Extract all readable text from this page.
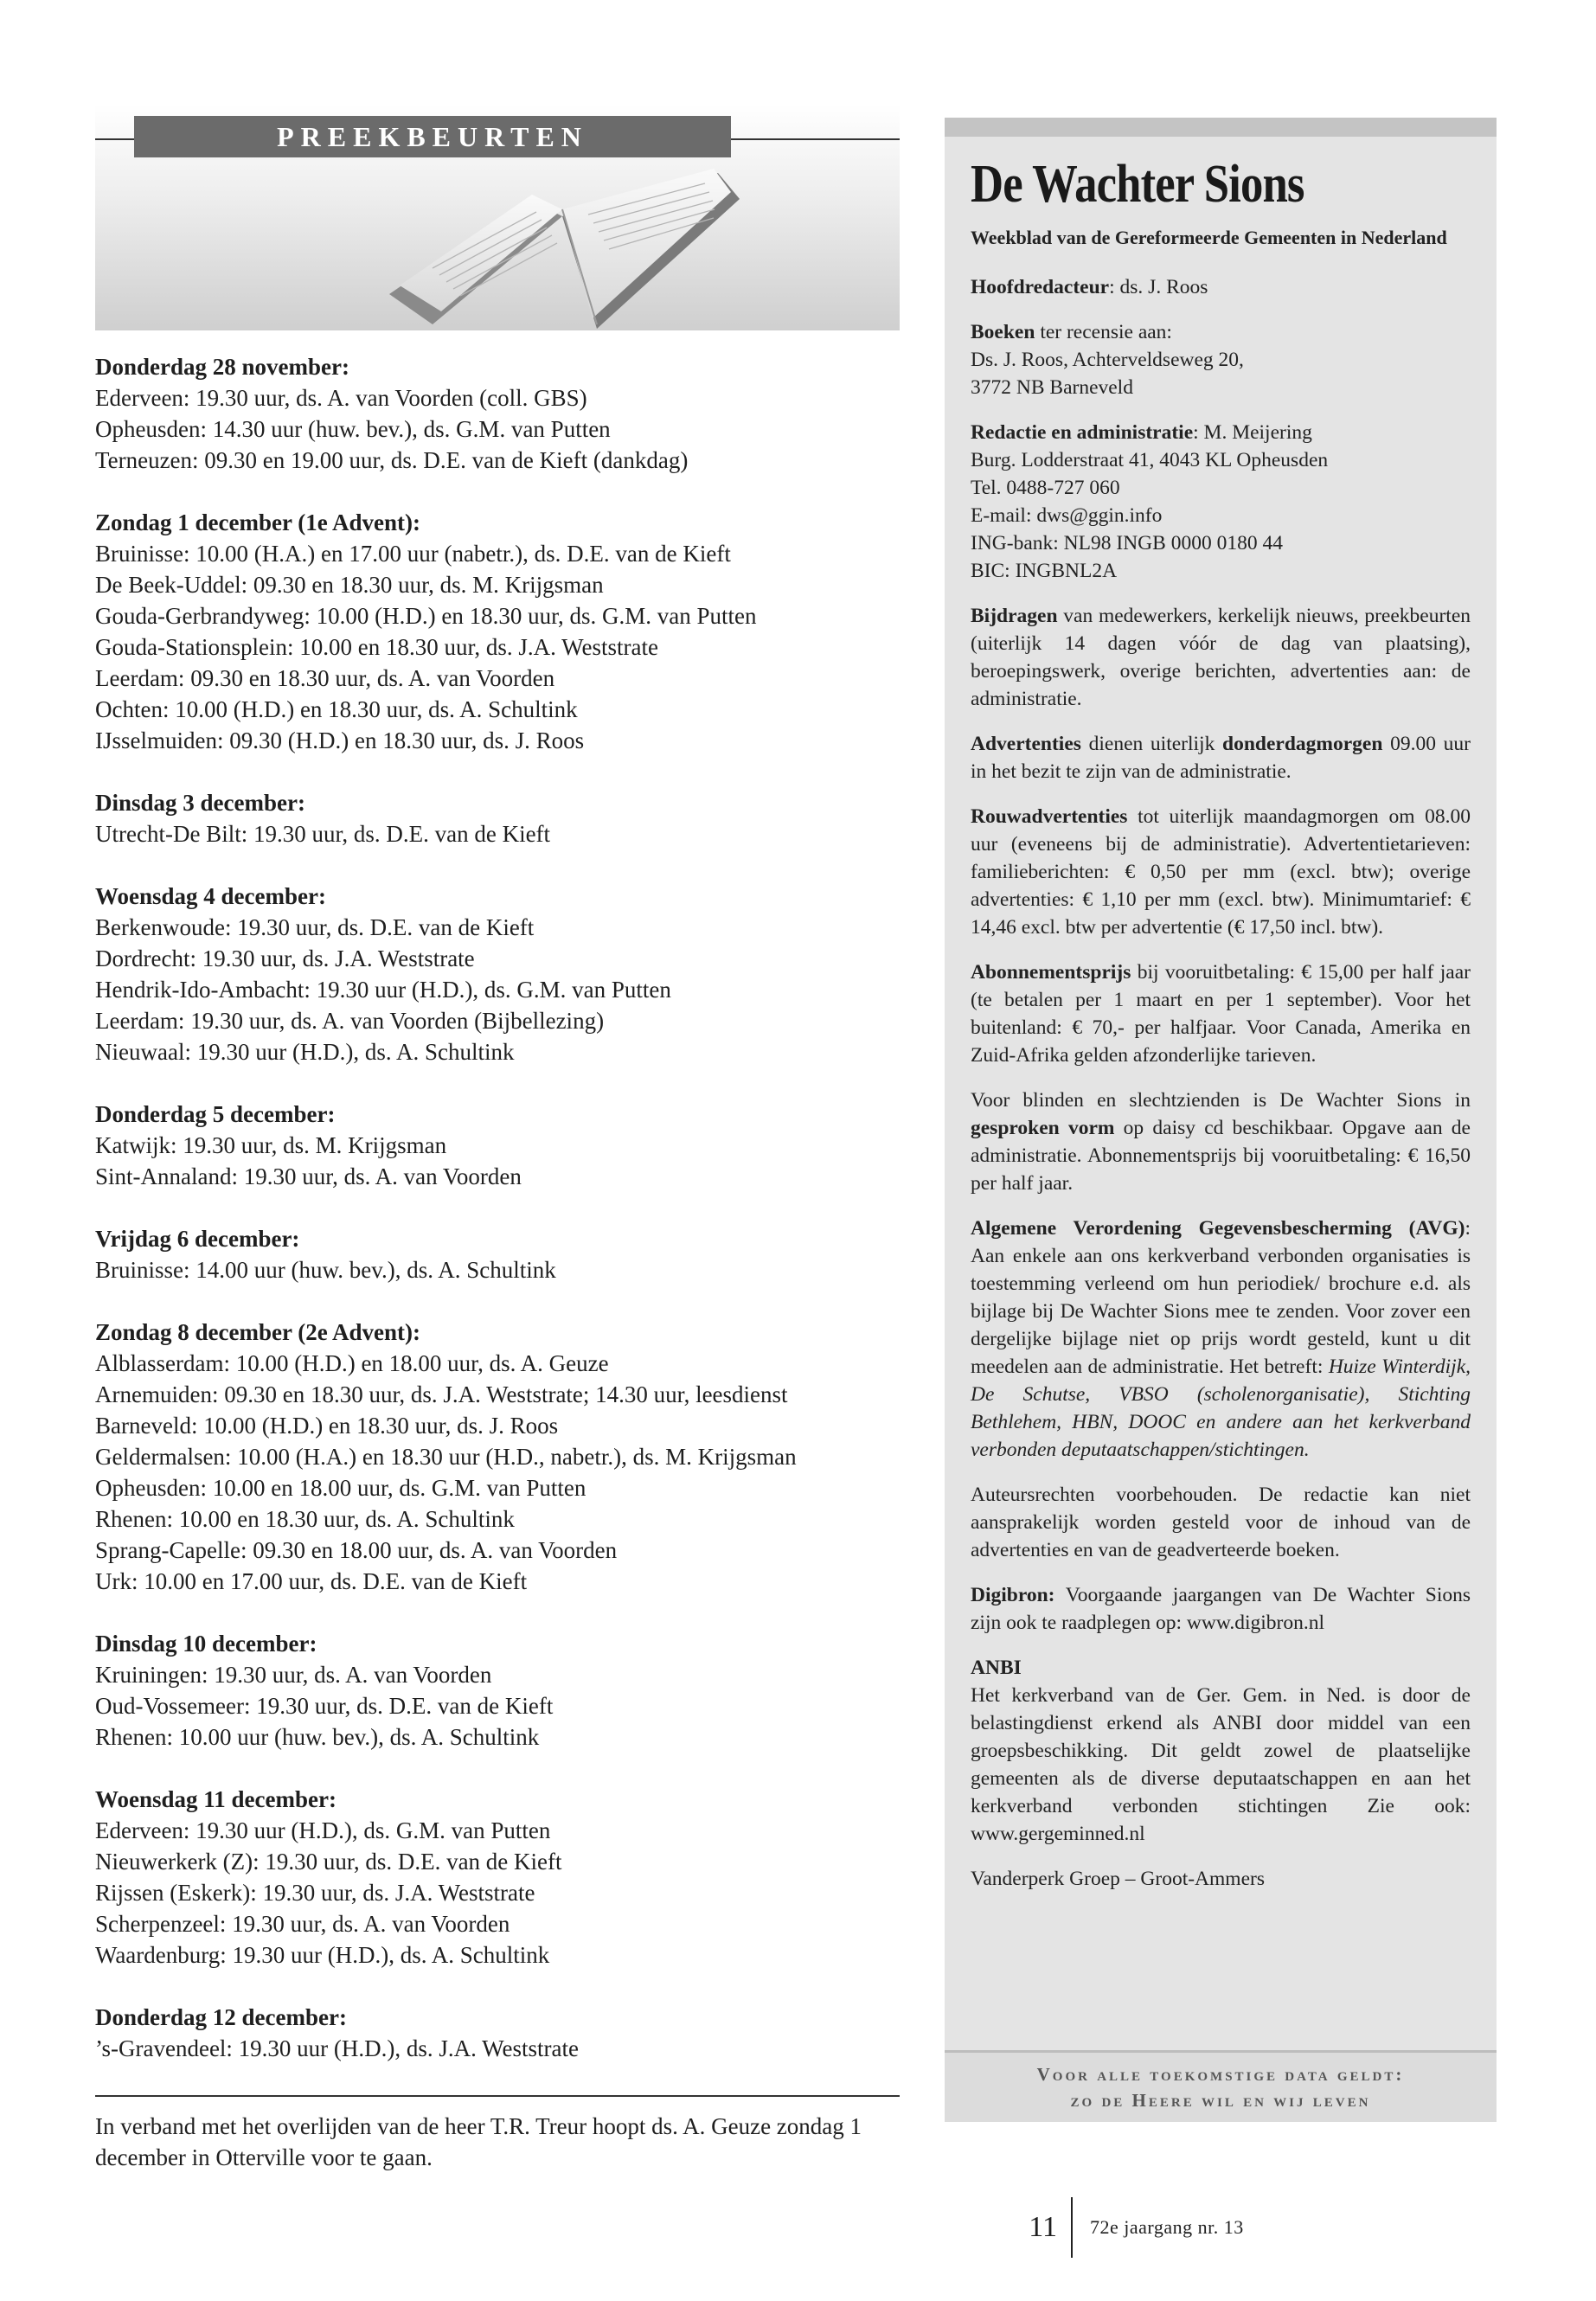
PREEKBEURTEN
Donderdag 28 november:
Ederveen: 19.30 uur, ds. A. van Voorden (coll. GBS)
Opheusden: 14.30 uur (huw. bev.), ds. G.M. van Putten
Terneuzen: 09.30 en 19.00 uur, ds. D.E. van de Kieft (dankdag)
Zondag 1 december (1e Advent):
Bruinisse: 10.00 (H.A.) en 17.00 uur (nabetr.), ds. D.E. van de Kieft
De Beek-Uddel: 09.30 en 18.30 uur, ds. M. Krijgsman
Gouda-Gerbrandyweg: 10.00 (H.D.) en 18.30 uur, ds. G.M. van Putten
Gouda-Stationsplein: 10.00 en 18.30 uur, ds. J.A. Weststrate
Leerdam: 09.30 en 18.30 uur, ds. A. van Voorden
Ochten: 10.00 (H.D.) en 18.30 uur, ds. A. Schultink
IJsselmuiden: 09.30 (H.D.) en 18.30 uur, ds. J. Roos
Dinsdag 3 december:
Utrecht-De Bilt: 19.30 uur, ds. D.E. van de Kieft
Woensdag 4 december:
Berkenwoude: 19.30 uur, ds. D.E. van de Kieft
Dordrecht: 19.30 uur, ds. J.A. Weststrate
Hendrik-Ido-Ambacht: 19.30 uur (H.D.), ds. G.M. van Putten
Leerdam: 19.30 uur, ds. A. van Voorden (Bijbellezing)
Nieuwaal: 19.30 uur (H.D.), ds. A. Schultink
Donderdag 5 december:
Katwijk: 19.30 uur, ds. M. Krijgsman
Sint-Annaland: 19.30 uur, ds. A. van Voorden
Vrijdag 6 december:
Bruinisse: 14.00 uur (huw. bev.), ds. A. Schultink
Zondag 8 december (2e Advent):
Alblasserdam: 10.00 (H.D.) en 18.00 uur, ds. A. Geuze
Arnemuiden: 09.30 en 18.30 uur, ds. J.A. Weststrate; 14.30 uur, leesdienst
Barneveld: 10.00 (H.D.) en 18.30 uur, ds. J. Roos
Geldermalsen: 10.00 (H.A.) en 18.30 uur (H.D., nabetr.), ds. M. Krijgsman
Opheusden: 10.00 en 18.00 uur, ds. G.M. van Putten
Rhenen: 10.00 en 18.30 uur, ds. A. Schultink
Sprang-Capelle: 09.30 en 18.00 uur, ds. A. van Voorden
Urk: 10.00 en 17.00 uur, ds. D.E. van de Kieft
Dinsdag 10 december:
Kruiningen: 19.30 uur, ds. A. van Voorden
Oud-Vossemeer: 19.30 uur, ds. D.E. van de Kieft
Rhenen: 10.00 uur (huw. bev.), ds. A. Schultink
Woensdag 11 december:
Ederveen: 19.30 uur (H.D.), ds. G.M. van Putten
Nieuwerkerk (Z): 19.30 uur, ds. D.E. van de Kieft
Rijssen (Eskerk): 19.30 uur, ds. J.A. Weststrate
Scherpenzeel: 19.30 uur, ds. A. van Voorden
Waardenburg: 19.30 uur (H.D.), ds. A. Schultink
Donderdag 12 december:
’s-Gravendeel: 19.30 uur (H.D.), ds. J.A. Weststrate
In verband met het overlijden van de heer T.R. Treur hoopt ds. A. Geuze zondag 1 december in Otterville voor te gaan.
De Wachter Sions
Weekblad van de Gereformeerde Gemeenten in Nederland
Hoofdredacteur: ds. J. Roos
Boeken ter recensie aan:
Ds. J. Roos, Achterveldseweg 20,
3772 NB Barneveld
Redactie en administratie: M. Meijering
Burg. Lodderstraat 41, 4043 KL Opheusden
Tel. 0488-727 060
E-mail: dws@ggin.info
ING-bank: NL98 INGB 0000 0180 44
BIC: INGBNL2A
Bijdragen van medewerkers, kerkelijk nieuws, preekbeurten (uiterlijk 14 dagen vóór de dag van plaatsing), beroepingswerk, overige berichten, advertenties aan: de administratie.
Advertenties dienen uiterlijk donderdagmorgen 09.00 uur in het bezit te zijn van de administratie.
Rouwadvertenties tot uiterlijk maandagmorgen om 08.00 uur (eveneens bij de administratie). Advertentietarieven: familieberichten: € 0,50 per mm (excl. btw); overige advertenties: € 1,10 per mm (excl. btw). Minimumtarief: € 14,46 excl. btw per advertentie (€ 17,50 incl. btw).
Abonnementsprijs bij vooruitbetaling: € 15,00 per half jaar (te betalen per 1 maart en per 1 september). Voor het buitenland: € 70,- per halfjaar. Voor Canada, Amerika en Zuid-Afrika gelden afzonderlijke tarieven.
Voor blinden en slechtzienden is De Wachter Sions in gesproken vorm op daisy cd beschikbaar. Opgave aan de administratie. Abonnementsprijs bij vooruitbetaling: € 16,50 per half jaar.
Algemene Verordening Gegevensbescherming (AVG): Aan enkele aan ons kerkverband verbonden organisaties is toestemming verleend om hun periodiek/ brochure e.d. als bijlage bij De Wachter Sions mee te zenden. Voor zover een dergelijke bijlage niet op prijs wordt gesteld, kunt u dit meedelen aan de administratie. Het betreft: Huize Winterdijk, De Schutse, VBSO (scholenorganisatie), Stichting Bethlehem, HBN, DOOC en andere aan het kerkverband verbonden deputaatschappen/stichtingen.
Auteursrechten voorbehouden. De redactie kan niet aansprakelijk worden gesteld voor de inhoud van de advertenties en van de geadverteerde boeken.
Digibron: Voorgaande jaargangen van De Wachter Sions zijn ook te raadplegen op: www.digibron.nl
ANBI
Het kerkverband van de Ger. Gem. in Ned. is door de belastingdienst erkend als ANBI door middel van een groepsbeschikking. Dit geldt zowel de plaatselijke gemeenten als de diverse deputaatschappen en aan het kerkverband verbonden stichtingen Zie ook: www.gergeminned.nl
Vanderperk Groep – Groot-Ammers
Voor alle toekomstige data geldt:
zo de Heere wil en wij leven
11	72e jaargang nr. 13
